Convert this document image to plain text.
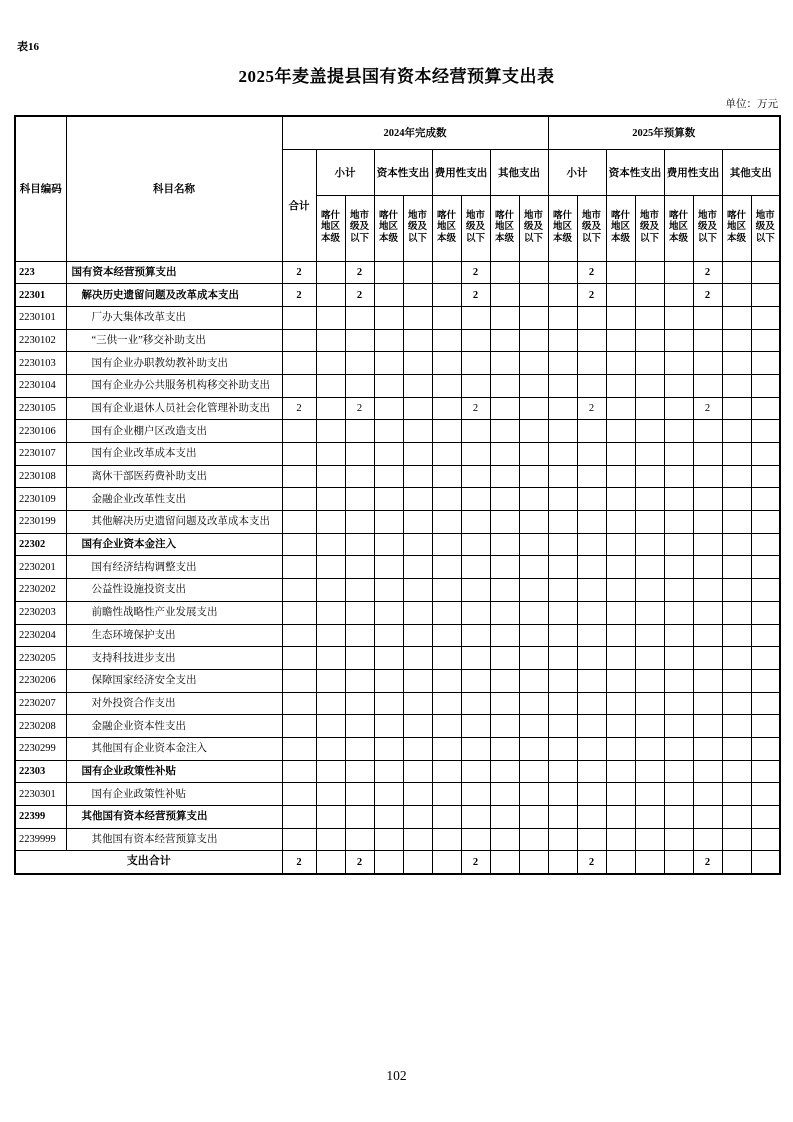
表16
2025年麦盖提县国有资本经营预算支出表
单位：万元
科目编码	科目名称	2024年完成数									2025年预算数							
		合计	小计		资本性支出		费用性支出		其他支出		小计		资本性支出		费用性支出		其他支出	
			喀什地区本级	地市级及以下	喀什地区本级	地市级及以下	喀什地区本级	地市级及以下	喀什地区本级	地市级及以下	喀什地区本级	地市级及以下	喀什地区本级	地市级及以下	喀什地区本级	地市级及以下	喀什地区本级	地市级及以下
223	国有资本经营预算支出	2		2				2				2				2		
22301	解决历史遗留问题及改革成本支出	2		2				2				2				2		
2230101	厂办大集体改革支出																	
2230102	“三供一业”移交补助支出																	
2230103	国有企业办职教幼教补助支出																	
2230104	国有企业办公共服务机构移交补助支出																	
2230105	国有企业退休人员社会化管理补助支出	2		2				2				2				2		
2230106	国有企业棚户区改造支出																	
2230107	国有企业改革成本支出																	
2230108	离休干部医药费补助支出																	
2230109	金融企业改革性支出																	
2230199	其他解决历史遗留问题及改革成本支出																	
22302	国有企业资本金注入																	
2230201	国有经济结构调整支出																	
2230202	公益性设施投资支出																	
2230203	前瞻性战略性产业发展支出																	
2230204	生态环境保护支出																	
2230205	支持科技进步支出																	
2230206	保障国家经济安全支出																	
2230207	对外投资合作支出																	
2230208	金融企业资本性支出																	
2230299	其他国有企业资本金注入																	
22303	国有企业政策性补贴																	
2230301	国有企业政策性补贴																	
22399	其他国有资本经营预算支出																	
2239999	其他国有资本经营预算支出																	
支出合计		2		2				2				2				2		
102
